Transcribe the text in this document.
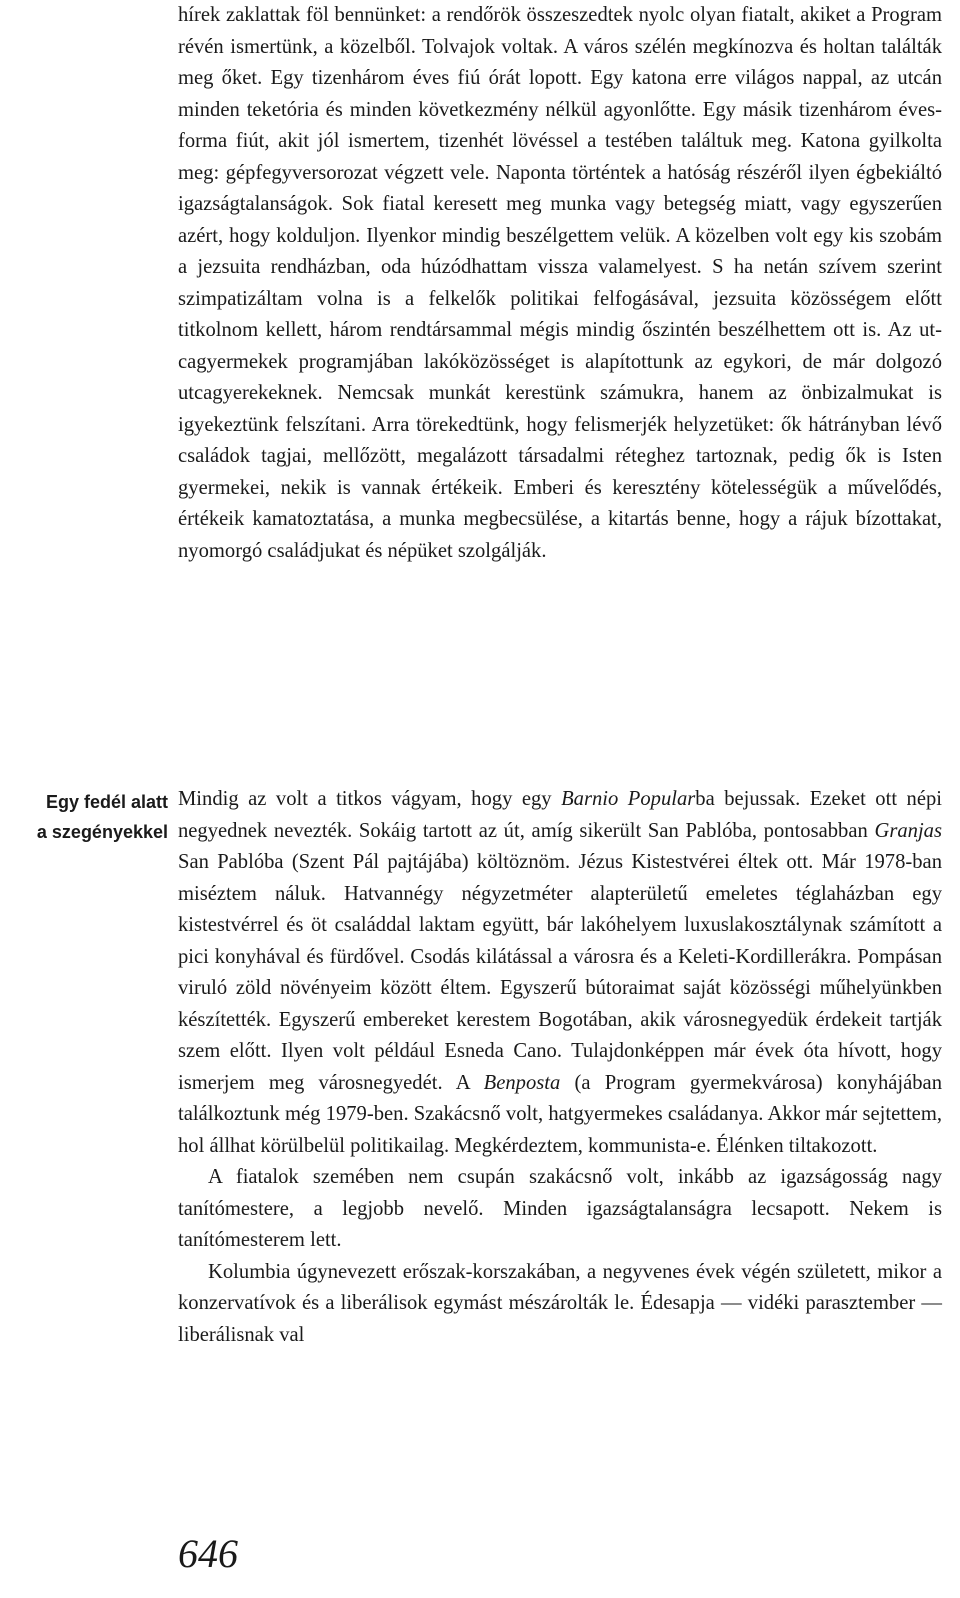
hírek zaklattak föl bennünket: a rendőrök összeszedtek nyolc olyan fiatalt, akiket a Program révén ismertünk, a közelből. Tolvajok voltak. A város szélén megkínozva és holtan találták meg őket. Egy tizenhárom éves fiú órát lopott. Egy katona erre világos nappal, az utcán minden teketória és minden következmény nélkül agyonlőtte. Egy másik tizenhárom éves-forma fiút, akit jól ismertem, tizenhét lövéssel a testében találtuk meg. Katona gyilkolta meg: gépfegyversorozat végzett vele. Naponta történtek a hatóság részéről ilyen égbekiáltó igazságtalanságok. Sok fiatal keresett meg munka vagy betegség miatt, vagy egyszerűen azért, hogy kolduljon. Ilyenkor mindig beszélgettem velük. A közelben volt egy kis szobám a jezsuita rendházban, oda húzódhattam vissza valamelyest. S ha netán szívem szerint szimpatizáltam volna is a felkelők politikai felfogásával, jezsuita közösségem előtt titkolnom kellett, három rendtársammal mégis mindig őszintén beszélhettem ott is. Az utcagyermekek programjában lakóközösséget is alapítottunk az egykori, de már dolgozó utcagyerekeknek. Nemcsak munkát kerestünk számukra, hanem az önbizalmukat is igyekeztünk felszítani. Arra törekedtünk, hogy felismerjék helyzetüket: ők hátrányban lévő családok tagjai, mellőzött, megalázott társadalmi réteghez tartoznak, pedig ők is Isten gyermekei, nekik is vannak értékeik. Emberi és keresztény kötelességük a művelődés, értékeik kamatoztatása, a munka megbecsülése, a kitartás benne, hogy a rájuk bízottakat, nyomorgó családjukat és népüket szolgálják.

Egy fedél alatt
a szegényekkel

Mindig az volt a titkos vágyam, hogy egy Barnio Popularba bejussak. Ezeket ott népi negyednek nevezték. Sokáig tartott az út, amíg sikerült San Pablóba, pontosabban Granjas San Pablóba (Szent Pál pajtájába) költöznöm. Jézus Kistestvérei éltek ott. Már 1978-ban miséztem náluk. Hatvannégy négyzetméter alapterületű emeletes téglaházban egy kistestvérrel és öt családdal laktam együtt, bár lakóhelyem luxuslakosztálynak számított a pici konyhával és fürdővel. Csodás kilátással a városra és a Keleti-Kordillerákra. Pompásan viruló zöld növényeim között éltem. Egyszerű bútoraimat saját közösségi műhelyünkben készítették. Egyszerű embereket kerestem Bogotában, akik városnegyedük érdekeit tartják szem előtt. Ilyen volt például Esneda Cano. Tulajdonképpen már évek óta hívott, hogy ismerjem meg városnegyedét. A Benposta (a Program gyermekvárosa) konyhájában találkoztunk még 1979-ben. Szakácsnő volt, hatgyermekes családanya. Akkor már sejtettem, hol állhat körülbelül politikailag. Megkérdeztem, kommunista-e. Élénken tiltakozott.

A fiatalok szemében nem csupán szakácsnő volt, inkább az igazságosság nagy tanítómestere, a legjobb nevelő. Minden igazságtalanságra lecsapott. Nekem is tanítómesterem lett.

Kolumbia úgynevezett erőszak-korszakában, a negyvenes évek végén született, mikor a konzervatívok és a liberálisok egymást mészárolták le. Édesapja — vidéki parasztember — liberálisnak val

646
